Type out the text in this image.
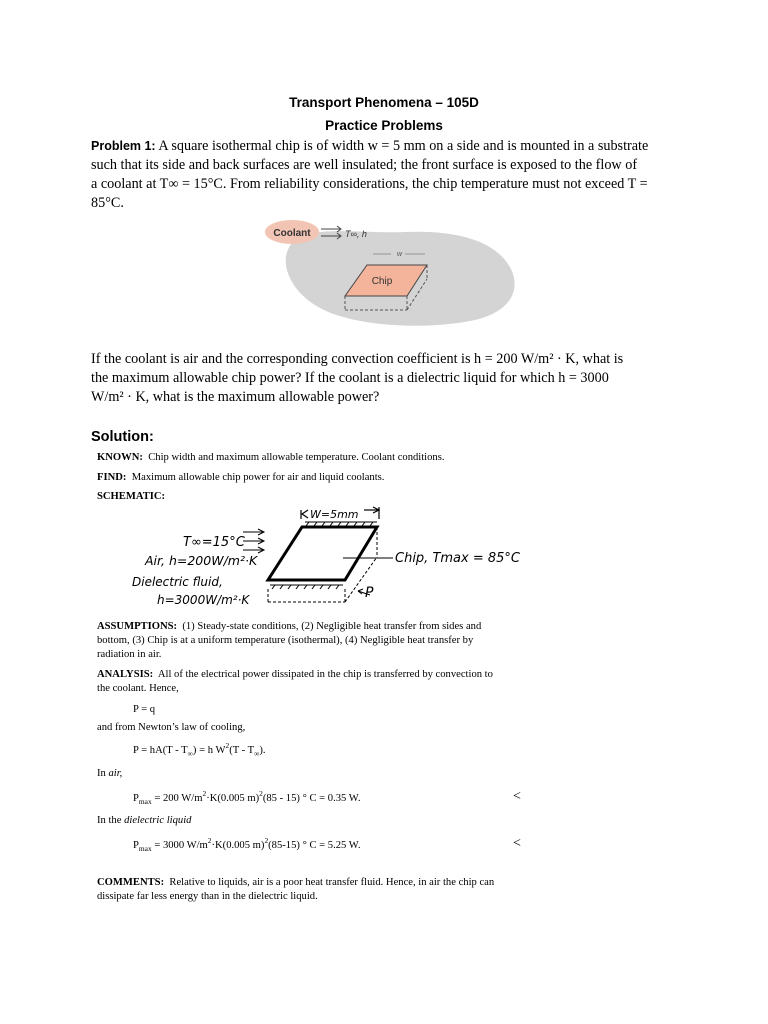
Transport Phenomena – 105D
Practice Problems
Problem 1: A square isothermal chip is of width w = 5 mm on a side and is mounted in a substrate
such that its side and back surfaces are well insulated; the front surface is exposed to the flow of
a coolant at T∞ = 15°C. From reliability considerations, the chip temperature must not exceed T =
85°C.
Coolant	T∞, h
w
Chip
If the coolant is air and the corresponding convection coefficient is h = 200 W/m² · K, what is
the maximum allowable chip power? If the coolant is a dielectric liquid for which h = 3000
W/m² · K, what is the maximum allowable power?
Solution:
KNOWN: Chip width and maximum allowable temperature. Coolant conditions.
FIND: Maximum allowable chip power for air and liquid coolants.
SCHEMATIC:
W=5mm
T∞=15°C
Air, h=200W/m²·K
Dielectric fluid,
h=3000W/m²·K
Chip, Tmax = 85°C
P
ASSUMPTIONS: (1) Steady-state conditions, (2) Negligible heat transfer from sides and
bottom, (3) Chip is at a uniform temperature (isothermal), (4) Negligible heat transfer by
radiation in air.
ANALYSIS: All of the electrical power dissipated in the chip is transferred by convection to
the coolant. Hence,
P = q
and from Newton’s law of cooling,
$P = hA(T - T_\infty) = h$ $W^2(T - T_\infty)$.
In air,
$P_{max} = 200$ $W/m^2\cdot K(0.005$ m)$^2$(85 - 15) ° C = 0.35 W.	<
In the dielectric liquid
$P_{max} = 3000$ $W/m^2\cdot K(0.005$ m)$^2$(85-15) ° C = 5.25 W.	<
COMMENTS: Relative to liquids, air is a poor heat transfer fluid. Hence, in air the chip can
dissipate far less energy than in the dielectric liquid.
